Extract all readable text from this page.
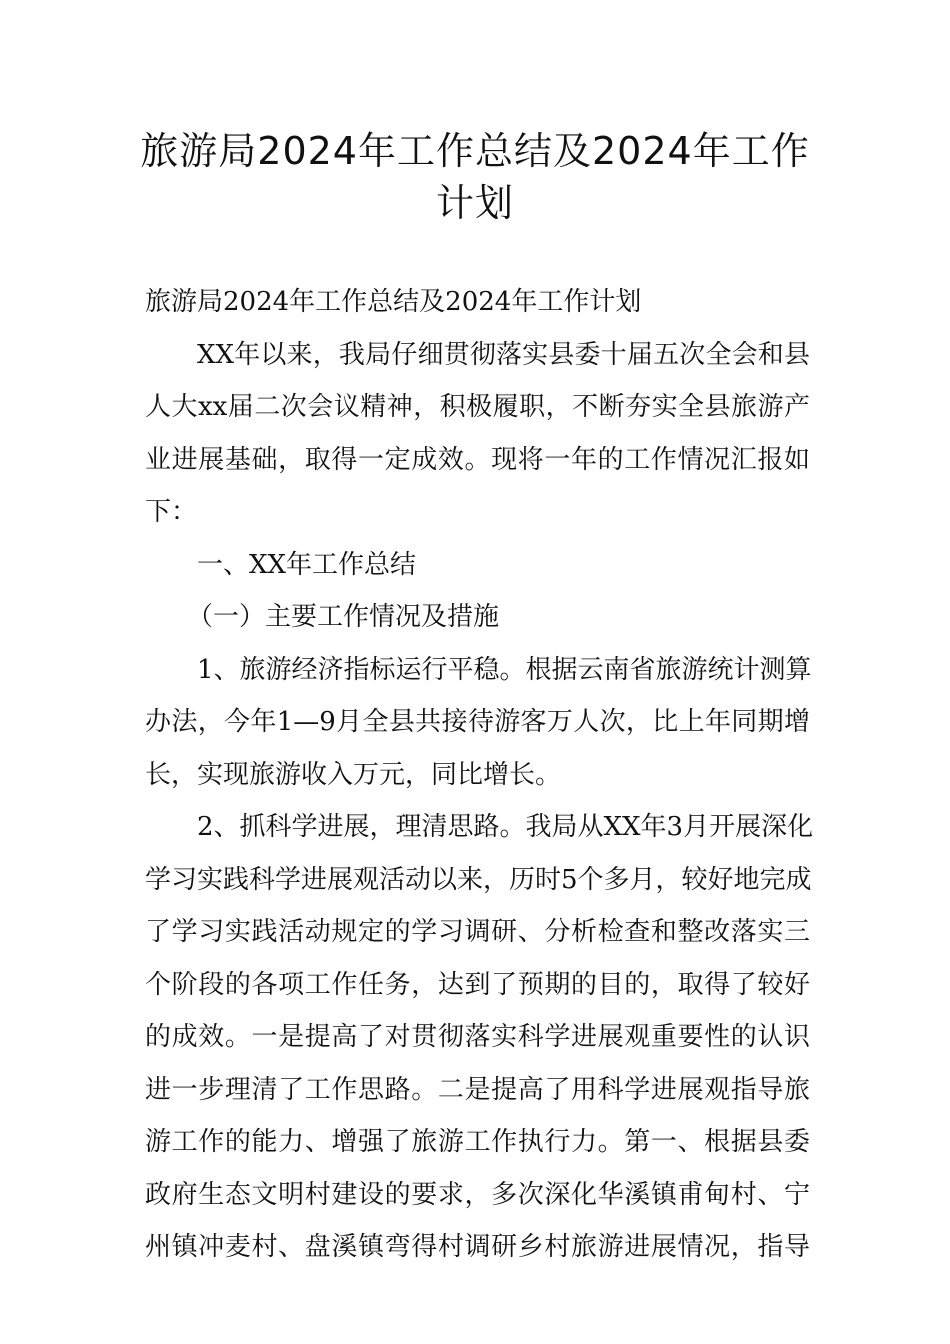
旅游局2024年工作总结及2024年工作
计划
旅游局2024年工作总结及2024年工作计划
XX年以来，我局仔细贯彻落实县委十届五次全会和县
人大xx届二次会议精神，积极履职，不断夯实全县旅游产
业进展基础，取得一定成效。现将一年的工作情况汇报如
下：
一、XX年工作总结
（一）主要工作情况及措施
1、旅游经济指标运行平稳。根据云南省旅游统计测算
办法，今年1—9月全县共接待游客万人次，比上年同期增
长，实现旅游收入万元，同比增长。
2、抓科学进展，理清思路。我局从XX年3月开展深化
学习实践科学进展观活动以来，历时5个多月，较好地完成
了学习实践活动规定的学习调研、分析检查和整改落实三
个阶段的各项工作任务，达到了预期的目的，取得了较好
的成效。一是提高了对贯彻落实科学进展观重要性的认识
进一步理清了工作思路。二是提高了用科学进展观指导旅
游工作的能力、增强了旅游工作执行力。第一、根据县委
政府生态文明村建设的要求，多次深化华溪镇甫甸村、宁
州镇冲麦村、盘溪镇弯得村调研乡村旅游进展情况，指导
